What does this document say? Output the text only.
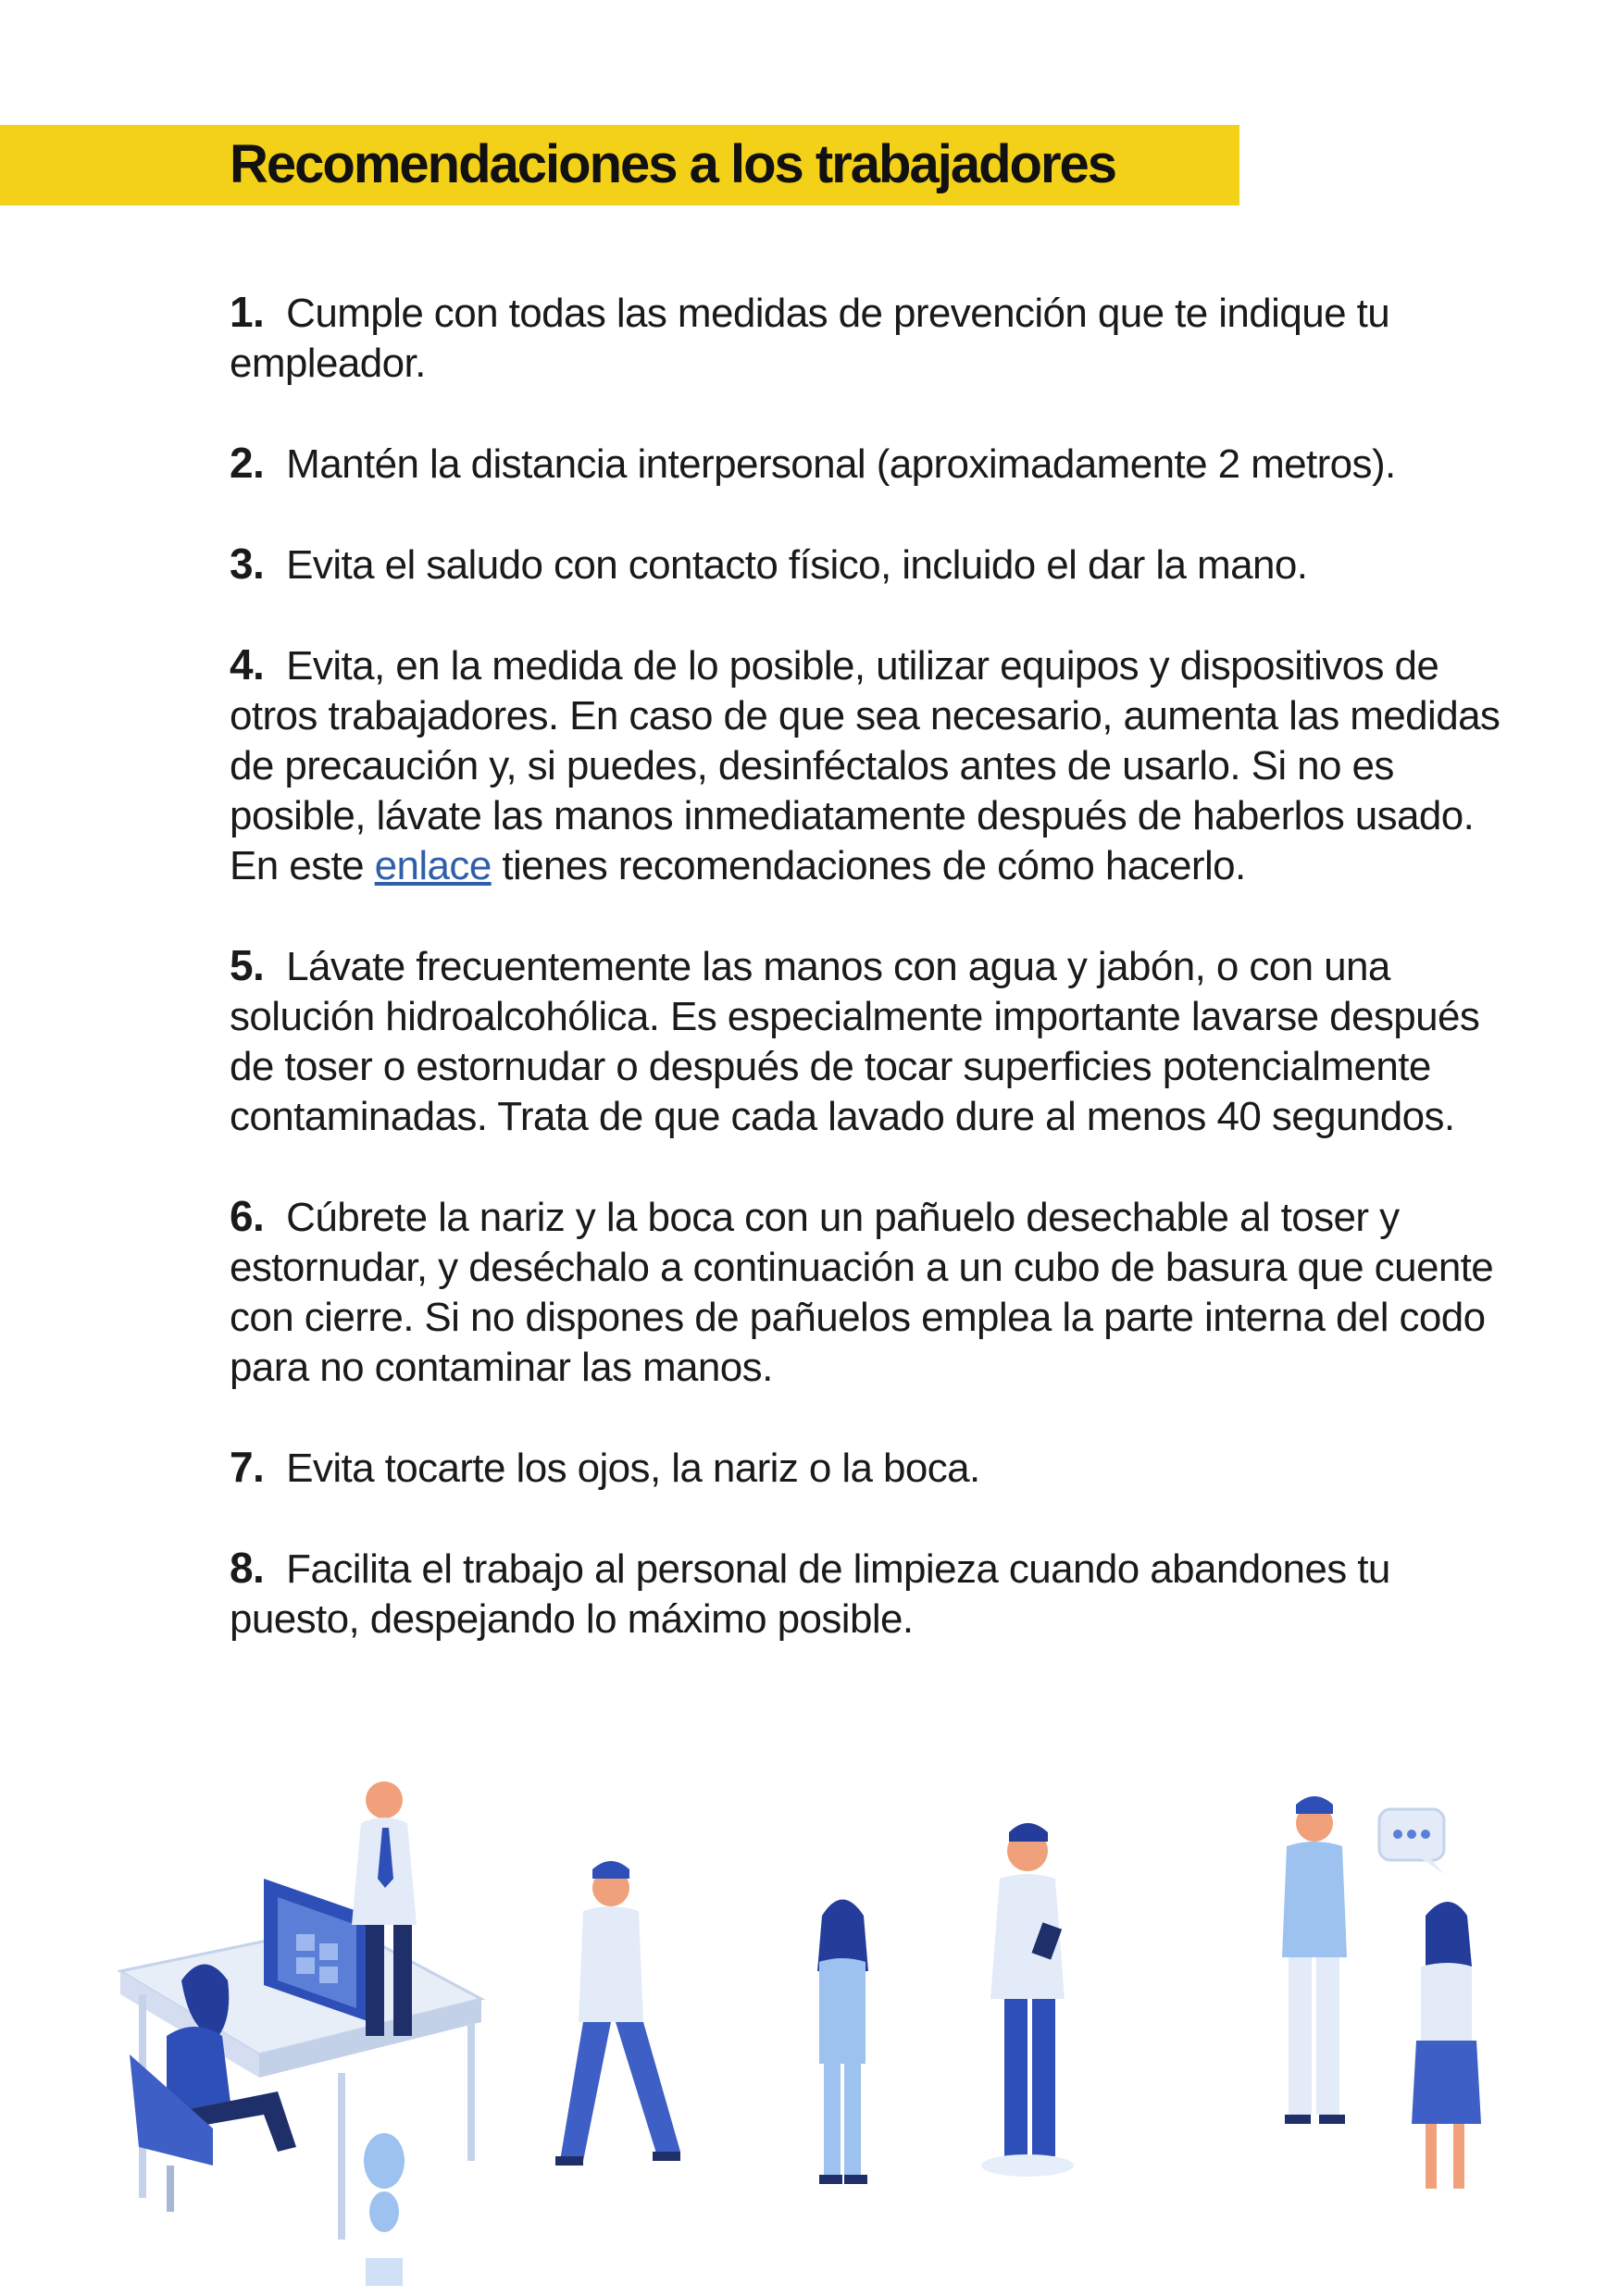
Recomendaciones a los trabajadores
1. Cumple con todas las medidas de prevención que te indique tu empleador.
2. Mantén la distancia interpersonal (aproximadamente 2 metros).
3. Evita el saludo con contacto físico, incluido el dar la mano.
4. Evita, en la medida de lo posible, utilizar equipos y dispositivos de otros trabajadores. En caso de que sea necesario, aumenta las medidas de precaución y, si puedes, desinféctalos antes de usarlo. Si no es posible, lávate las manos inmediatamente después de haberlos usado. En este enlace tienes recomendaciones de cómo hacerlo.
5. Lávate frecuentemente las manos con agua y jabón, o con una solución hidroalcohólica. Es especialmente importante lavarse después de toser o estornudar o después de tocar superficies potencialmente contaminadas. Trata de que cada lavado dure al menos 40 segundos.
6. Cúbrete la nariz y la boca con un pañuelo desechable al toser y estornudar, y deséchalo a continuación a un cubo de basura que cuente con cierre. Si no dispones de pañuelos emplea la parte interna del codo para no contaminar las manos.
7. Evita tocarte los ojos, la nariz o la boca.
8. Facilita el trabajo al personal de limpieza cuando abandones tu puesto, despejando lo máximo posible.
